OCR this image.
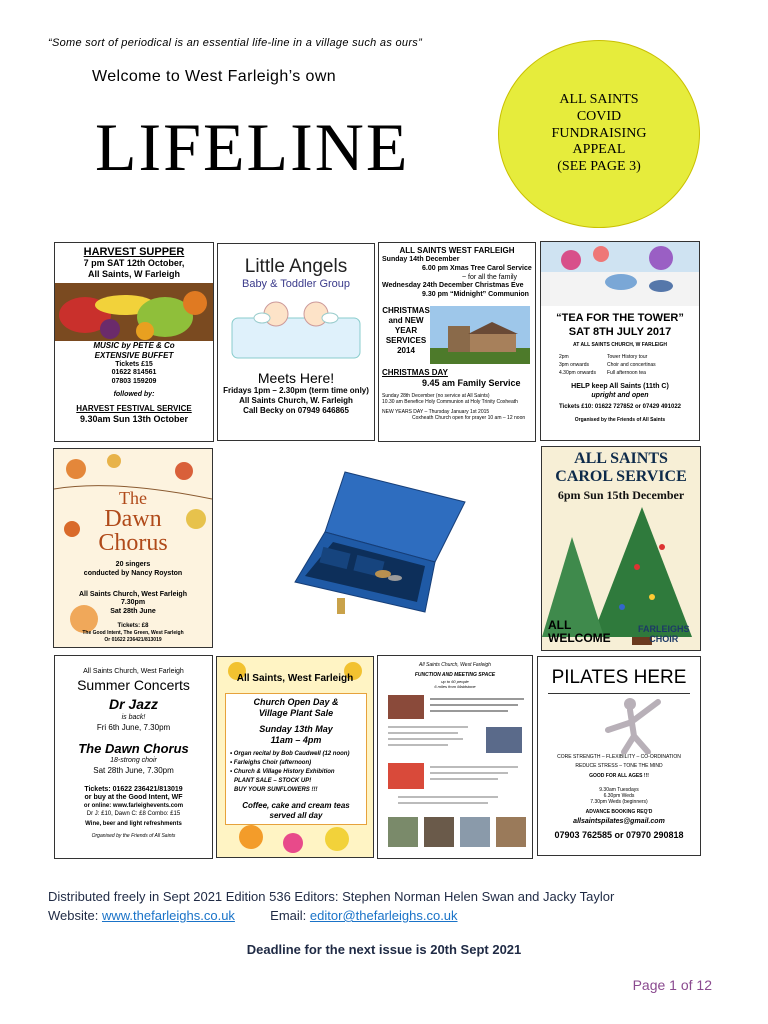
“Some sort of periodical is an essential life-line in a village such as ours”
Welcome to West Farleigh’s own
LIFELINE
ALL SAINTS
COVID
FUNDRAISING
APPEAL
(SEE PAGE 3)
HARVEST SUPPER
7 pm SAT 12th October,
All Saints, W Farleigh
MUSIC by PETE & Co
EXTENSIVE BUFFET
Tickets £15
01622 814561
07803 159209
followed by:
HARVEST FESTIVAL SERVICE
9.30am Sun 13th October
Little Angels
Baby & Toddler Group
Meets Here!
Fridays 1pm – 2.30pm (term time only)
All Saints Church, W. Farleigh
Call Becky on 07949 646865
ALL SAINTS WEST FARLEIGH
Sunday 14th December
6.00 pm Xmas Tree Carol Service
~ for all the family
Wednesday 24th December Christmas Eve
9.30 pm “Midnight” Communion
CHRISTMAS
and NEW
YEAR
SERVICES
2014
CHRISTMAS DAY
9.45 am Family Service
Sunday 28th December (no service at All Saints)
10.30 am Benefice Holy Communion at Holy Trinity Coxheath
NEW YEARS DAY – Thursday January 1st 2015
Coxheath Church open for prayer 10 am – 12 noon
“TEA FOR THE TOWER”
SAT 8TH JULY 2017
AT ALL SAINTS CHURCH, W FARLEIGH
2pm	Tower History tour
3pm onwards	Choir and concertinas
4.30pm onwards	Full afternoon tea
HELP keep All Saints (11th C)
upright and open
Tickets £10: 01622 727852 or 07429 491022
Organised by the Friends of All Saints
The
Dawn
Chorus
20 singers
conducted by Nancy Royston
All Saints Church, West Farleigh
7.30pm
Sat 28th June
Tickets: £8
The Good Intent, The Green, West Farleigh
Or 01622 236421/813019
ALL SAINTS
CAROL SERVICE
6pm Sun 15th December
ALL
WELCOME
FARLEIGHS
CHOIR
All Saints Church, West Farleigh
Summer Concerts
Dr Jazz
is back!
Fri 6th June, 7.30pm
The Dawn Chorus
18-strong choir
Sat 28th June, 7.30pm
Tickets: 01622 236421/813019
or buy at the Good Intent, WF
or online: www.farleighevents.com
Dr J: £10, Dawn C: £8 Combo: £15
Wine, beer and light refreshments
Organised by the Friends of All Saints
All Saints, West Farleigh
Church Open Day &
Village Plant Sale
Sunday 13th May
11am – 4pm
• Organ recital by Bob Caudwell (12 noon)
• Farleighs Choir (afternoon)
• Church & Village History Exhibition
PLANT SALE – STOCK UP!
BUY YOUR SUNFLOWERS !!!
Coffee, cake and cream teas
served all day
All Saints Church, West Farleigh
FUNCTION AND MEETING SPACE
up to 60 people
6 miles from Maidstone	PILATES HERE
CORE STRENGTH – FLEXIBILITY – CO-ORDINATION
REDUCE STRESS – TONE THE MIND
GOOD FOR ALL AGES !!!
9.30am Tuesdays
6.30pm Weds
7.30pm Weds (beginners)
ADVANCE BOOKING REQ'D
allsaintspilates@gmail.com
07903 762585 or 07970 290818
Distributed freely in Sept 2021 Edition 536 Editors: Stephen Norman Helen Swan and Jacky Taylor
Website: www.thefarleighs.co.uk	Email: editor@thefarleighs.co.uk
Deadline for the next issue is 20th Sept 2021
Page 1 of 12
